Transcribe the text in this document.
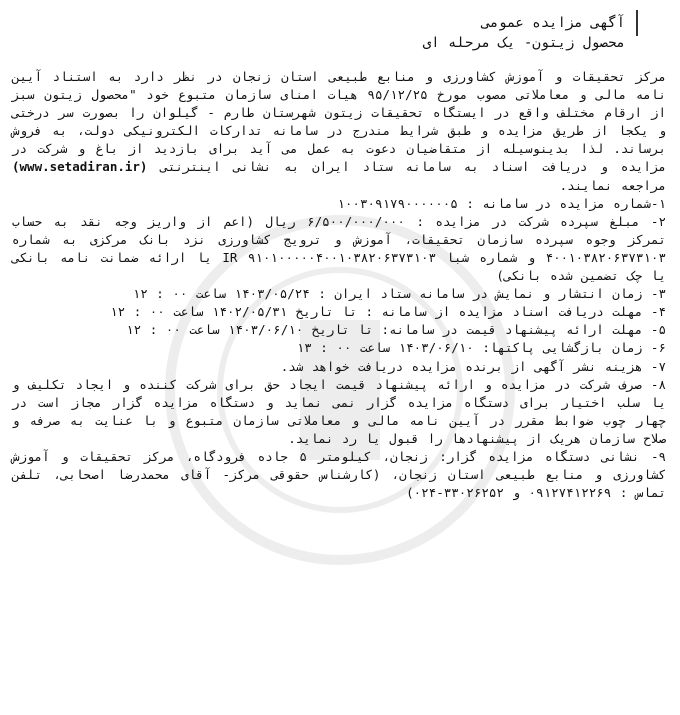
آگهی مزایده عمومی

محصول زیتون- یک مرحله ای

مرکز تحقیقات و آموزش کشاورزی و منابع طبیعی استان زنجان در نظر دارد به استناد آیین نامه مالی و معاملاتی مصوب مورخ ۹۵/۱۲/۲۵ هیات امنای سازمان متبوع خود "محصول زیتون سبز از ارقام مختلف واقع در ایستگاه تحقیقات زیتون شهرستان طارم - گیلوان را بصورت سر درختی و یکجا از طریق مزایده و طبق شرایط مندرج در سامانه تدارکات الکترونیکی دولت، به فروش برساند. لذا بدینوسیله از متقاضیان دعوت به عمل می آید برای بازدید از باغ و شرکت در مزایده و دریافت اسناد به سامانه ستاد ایران به نشانی اینترنتی (www.setadiran.ir) مراجعه نمایند.

۱-شماره مزایده در سامانه : ۱۰۰۳۰۹۱۷۹۰۰۰۰۰۰۵

۲- مبلغ سپرده شرکت در مزایده : ۶/۵۰۰/۰۰۰/۰۰۰ ریال (اعم از واریز وجه نقد به حساب تمرکز وجوه سپرده سازمان تحقیقات، آموزش و ترویج کشاورزی نزد بانک مرکزی به شماره ۴۰۰۱۰۳۸۲۰۶۳۷۳۱۰۳ و شماره شبا IR ۹۱۰۱۰۰۰۰۰۴۰۰۱۰۳۸۲۰۶۳۷۳۱۰۳ یا ارائه ضمانت نامه بانکی یا چک تضمین شده بانکی)

۳- زمان انتشار و نمایش در سامانه ستاد ایران : ۱۴۰۳/۰۵/۲۴ ساعت ۰۰ : ۱۲

۴- مهلت دریافت اسناد مزایده از سامانه : تا تاریخ ۱۴۰۲/۰۵/۳۱ ساعت ۰۰ : ۱۲

۵- مهلت ارائه پیشنهاد قیمت در سامانه: تا تاریخ ۱۴۰۳/۰۶/۱۰ ساعت ۰۰ : ۱۲

۶- زمان بازگشایی پاکتها: ۱۴۰۳/۰۶/۱۰ ساعت ۰۰ : ۱۳

۷- هزینه نشر آگهی از برنده مزایده دریافت خواهد شد.

۸- صرف شرکت در مزایده و ارائه پیشنهاد قیمت ایجاد حق برای شرکت کننده و ایجاد تکلیف و یا سلب اختیار برای دستگاه مزایده گزار نمی نماید و دستگاه مزایده گزار مجاز است در چهار چوب ضوابط مقرر در آیین نامه مالی و معاملاتی سازمان متبوع و با عنایت به صرفه و صلاح سازمان هریک از پیشنهادها را قبول یا رد نماید.

۹- نشانی دستگاه مزایده گزار: زنجان، کیلومتر ۵ جاده فرودگاه، مرکز تحقیقات و آموزش کشاورزی و منابع طبیعی استان زنجان، (کارشناس حقوقی مرکز- آقای محمدرضا اصحابی، تلفن تماس : ۰۹۱۲۷۴۱۲۲۶۹ و ۳۳۰۲۶۲۵۲-۰۲۴)
